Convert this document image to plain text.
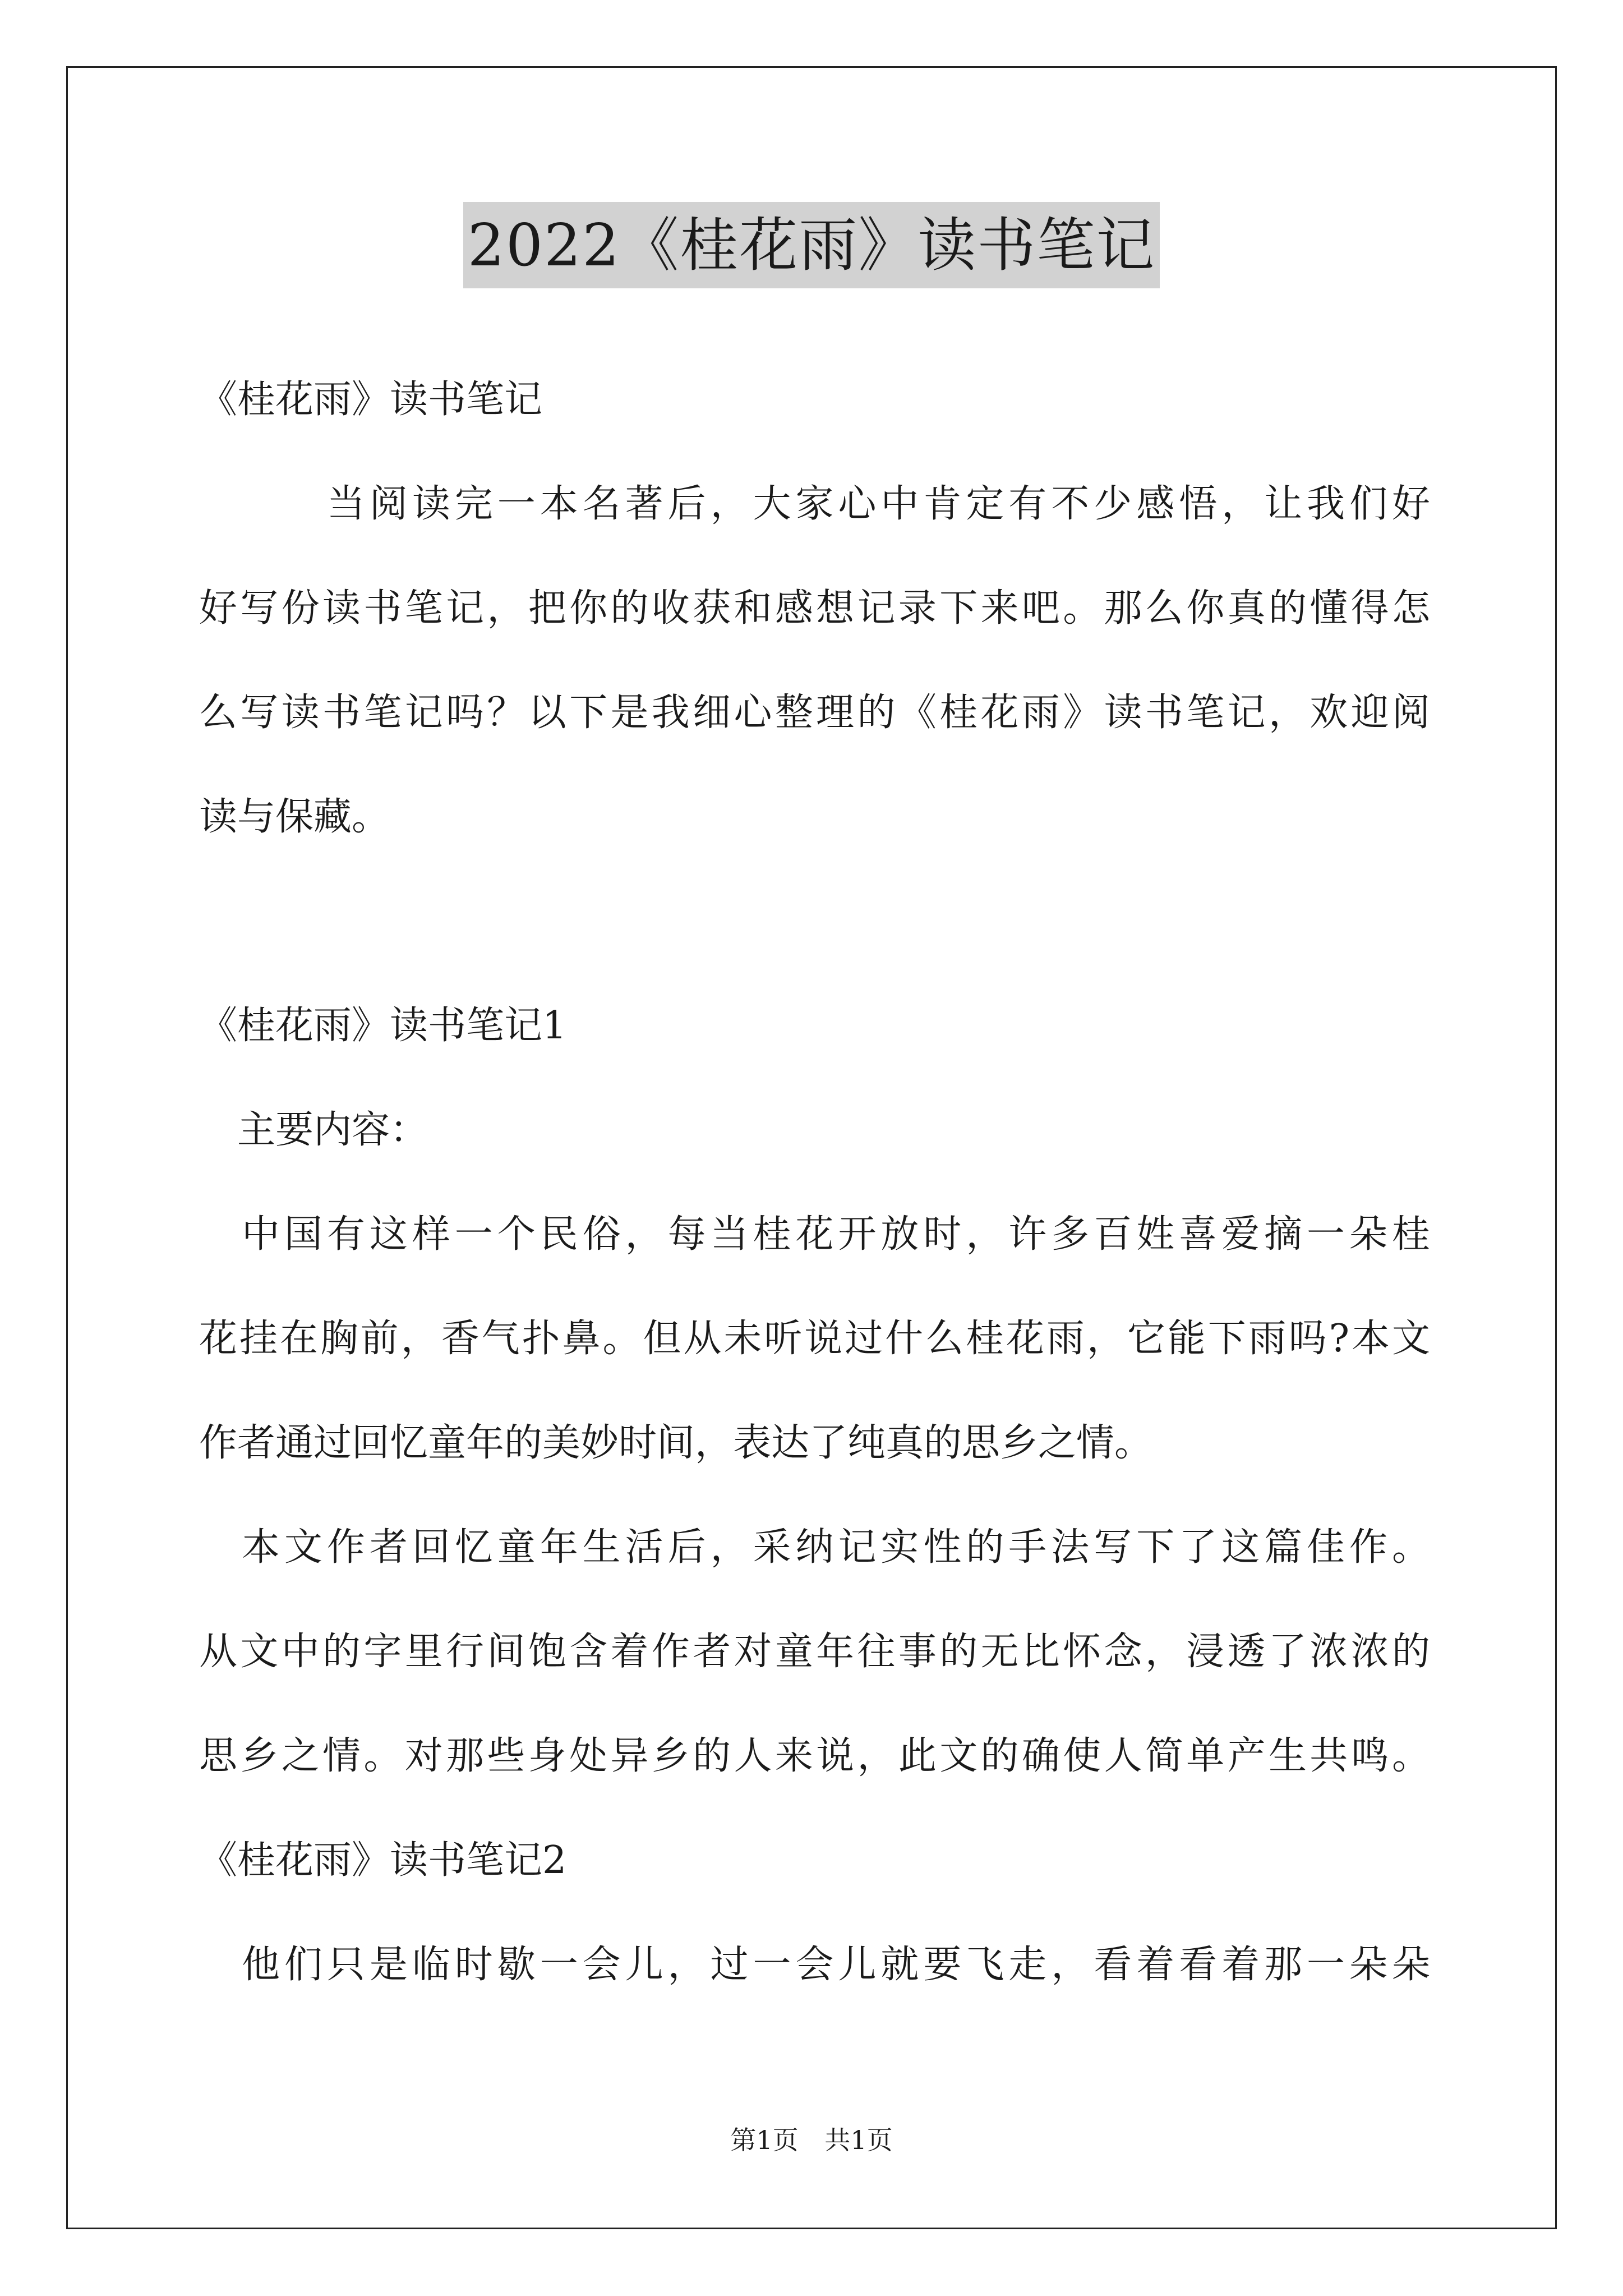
2022《桂花雨》读书笔记
《桂花雨》读书笔记
　　　当阅读完一本名著后，大家心中肯定有不少感悟，让我们好
好写份读书笔记，把你的收获和感想记录下来吧。那么你真的懂得怎
么写读书笔记吗？以下是我细心整理的《桂花雨》读书笔记，欢迎阅
读与保藏。
《桂花雨》读书笔记1
　主要内容：
　中国有这样一个民俗，每当桂花开放时，许多百姓喜爱摘一朵桂
花挂在胸前，香气扑鼻。但从未听说过什么桂花雨，它能下雨吗?本文
作者通过回忆童年的美妙时间，表达了纯真的思乡之情。
　本文作者回忆童年生活后，采纳记实性的手法写下了这篇佳作。
从文中的字里行间饱含着作者对童年往事的无比怀念，浸透了浓浓的
思乡之情。对那些身处异乡的人来说，此文的确使人简单产生共鸣。
《桂花雨》读书笔记2
　他们只是临时歇一会儿，过一会儿就要飞走，看着看着那一朵朵
第1页 共1页
